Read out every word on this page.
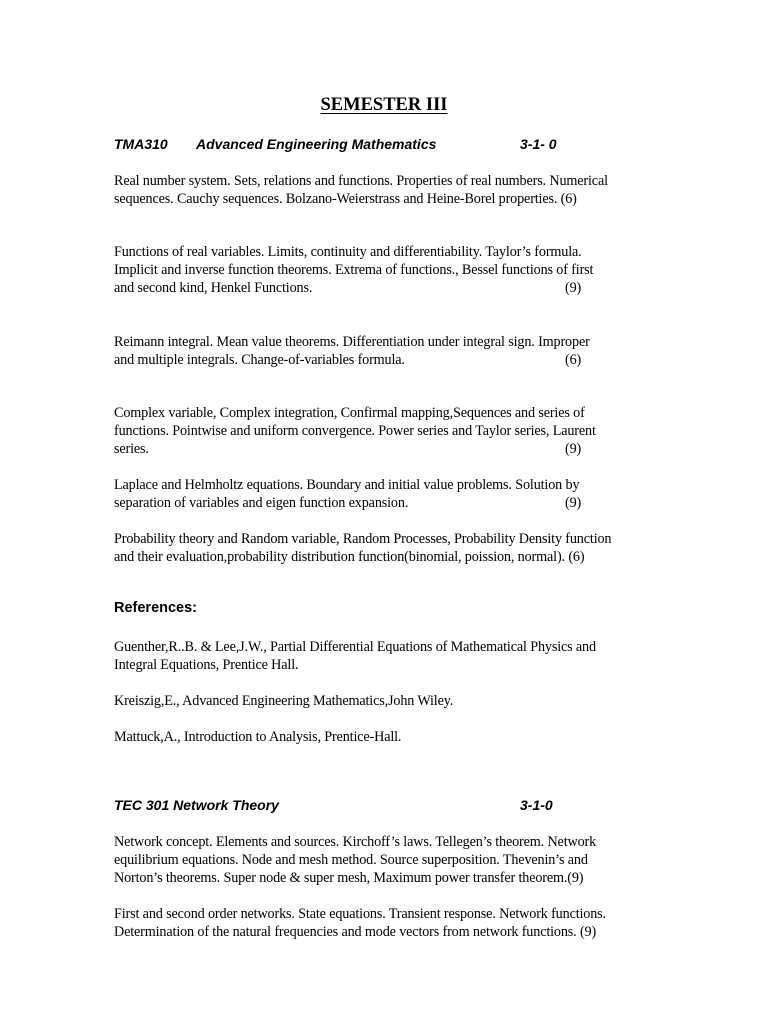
SEMESTER III
TMA310 Advanced Engineering Mathematics	3-1- 0
Real number system. Sets, relations and functions. Properties of real numbers. Numerical
sequences. Cauchy sequences. Bolzano-Weierstrass and Heine-Borel properties. (6)
Functions of real variables. Limits, continuity and differentiability. Taylor’s formula.
Implicit and inverse function theorems. Extrema of functions., Bessel functions of first
and second kind, Henkel Functions.	(9)
Reimann integral. Mean value theorems. Differentiation under integral sign. Improper
and multiple integrals. Change-of-variables formula.	(6)
Complex variable, Complex integration, Confirmal mapping,Sequences and series of
functions. Pointwise and uniform convergence. Power series and Taylor series, Laurent
series.	(9)
Laplace and Helmholtz equations. Boundary and initial value problems. Solution by
separation of variables and eigen function expansion.	(9)
Probability theory and Random variable, Random Processes, Probability Density function
and their evaluation,probability distribution function(binomial, poission, normal). (6)
References:
Guenther,R..B. & Lee,J.W., Partial Differential Equations of Mathematical Physics and
Integral Equations, Prentice Hall.
Kreiszig,E., Advanced Engineering Mathematics,John Wiley.
Mattuck,A., Introduction to Analysis, Prentice-Hall.
TEC 301 Network Theory	3-1-0
Network concept. Elements and sources. Kirchoff’s laws. Tellegen’s theorem. Network
equilibrium equations. Node and mesh method. Source superposition. Thevenin’s and
Norton’s theorems. Super node & super mesh, Maximum power transfer theorem.(9)
First and second order networks. State equations. Transient response. Network functions.
Determination of the natural frequencies and mode vectors from network functions. (9)
